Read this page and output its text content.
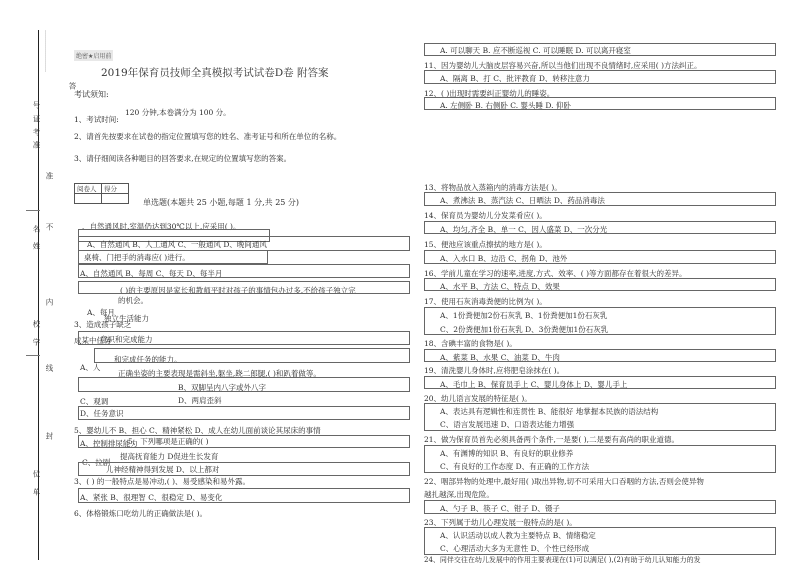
…………………
答
号
证
考
准
准
不
名
姓
内
校
学
线
封
位
单
绝密★启用前
2019年保育员技师全真模拟考试试卷D卷 附答案
考试须知:
1、考试时间:
120 分钟,本卷满分为 100 分。
2、请首先按要求在试卷的指定位置填写您的姓名、准考证号和所在单位的名称。
3、请仔细阅读各种题目的回答要求,在规定的位置填写您的答案。
阅卷人	得分

单选题(本题共 25 小题,每题 1 分,共 25 分)
、自然通风时,室温仍达到30℃以上,应采用( )。
A、自然通风 B、人工通风 C、一般通风 D、晚间通风
桌椅、门把手的消毒应( )进行。
A、自然通风 B、每周 C、每天 D、每半月
( )的主要原因是家长和教师平时对孩子的事情包办过多,不给孩子独立完
的机会。
A、每月
3、造成孩子缺乏
独立生活能力
意识和完成能力
成某中任务
和完成任务的能力。
A、人
正确坐姿的主要表现是需斜坐,躯坐,跷二郎腿,( )和趴着做等。
B、双脚呈内八字或外八字
C、观调	D、两肩歪斜
D、任务意识
5、婴幼儿不 B、担心 C、精神紧松 D、成人在幼儿面前谈论其尿床的事情
A、控制排尿能力
5、下列哪项是正确的( )
C、拉剧
提高抚育能力 D促进生长发育
儿神经精神得到发展 D、以上都对
3、( ) 的一般特点是易冲动,( )、易受感染和易外露。
A、紧张 B、很理智 C、很稳定 D、易变化
6、体格锻炼口吃幼儿的正确做法是( )。
A. 可以聊天 B. 应不断巡视 C. 可以睡眠 D. 可以离开寝室
11、因为婴幼儿大脑皮层容易兴奋,所以当他们出现不良情绪时,应采用( )方法纠正。
A、隔离 B、打 C、批评教育 D、转移注意力
12、( )出现时需要纠正婴幼儿的睡姿。
A. 左侧卧 B. 右侧卧 C. 婴头睡 D. 仰卧
13、将物品放入蒸箱内的消毒方法是( )。
A、煮沸法 B、蒸汽法 C、日晒法 D、药品消毒法
14、保育员为婴幼儿分发菜肴应( )。
A、均匀,齐全 B、单一 C、因人盛菜 D、一次分光
15、便池应该重点擦拭的地方是( )。
A、入水口 B、边沿 C、拐角 D、池外
16、学前儿童在学习的速率,进度,方式、效率、( )等方面都存在着很大的差异。
A、水平 B、方法 C、特点 D、效果
17、使用石灰消毒粪便的比例为( )。
A、1份粪便加2份石灰乳 B、1份粪便加1份石灰乳
C、2份粪便加1份石灰乳 D、3份粪便加1份石灰乳
18、含碘丰富的食物是( )。
A、紫菜 B、水果 C、油菜 D、牛肉
19、清洗婴儿身体时,应将肥皂涂抹在( )。
A、毛巾上 B、保育员手上 C、婴儿身体上 D、婴儿手上
20、幼儿语言发展的特征是( )。
A、表达具有逻辑性和连贯性 B、能很好 地掌握本民族的语法结构
C、语言发展迅速 D、口语表达能力增强
21、做为保育员首先必须具备两个条件,一是要( ),二是要有高尚的职业道德。
A、有渊博的知识 B、有良好的职业修养
C、有良好的工作态度 D、有正确的工作方法
22、咽部异物的处理中,最好用( )取出异物,切不可采用大口吞咽的方法,否则会使异物
越扎越深,出现危险。
A、勺子 B、筷子 C、钳子 D、镊子
23、下列属于幼儿心理发展一般特点的是( )。
A、认识活动以成人教为主要特点 B、情绪稳定
C、心理活动大多为无意性 D、个性已经形成
24、同伴交往在幼儿发展中的作用主要表现在(1)可以满足( ),(2)有助于幼儿认知能力的发
